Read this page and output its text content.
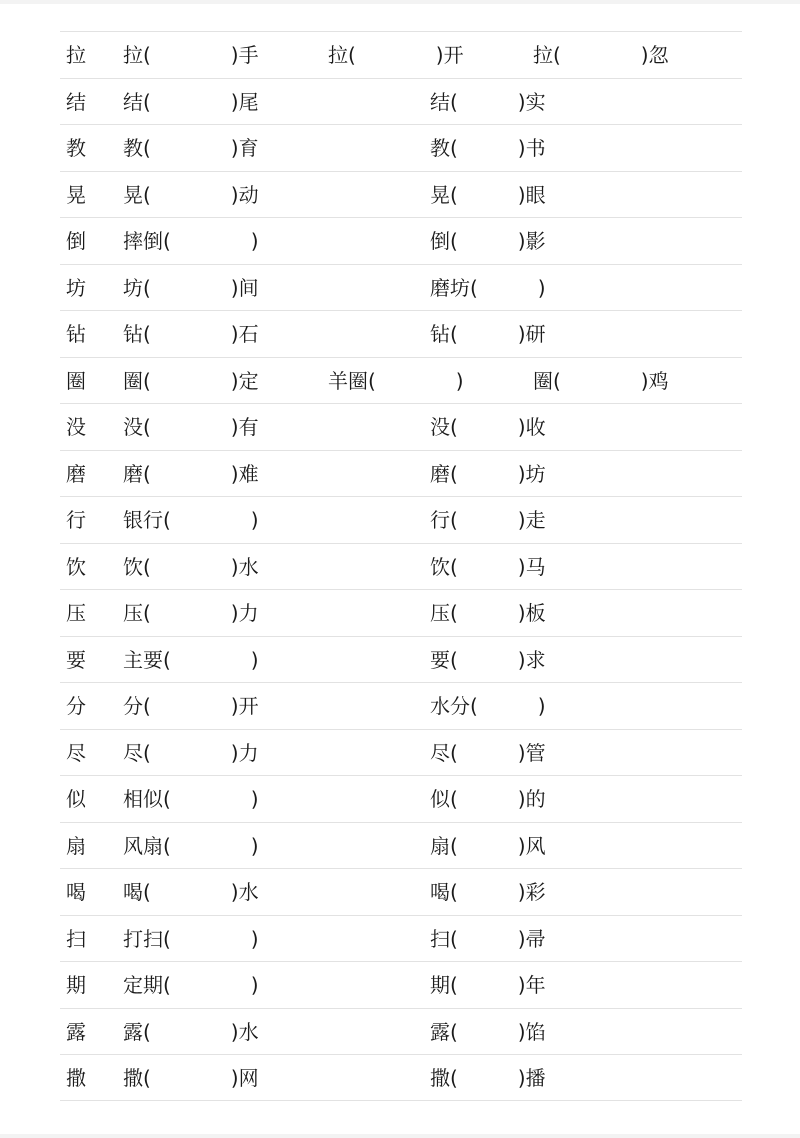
拉 拉(　　　　)手	拉(　　　　)开	拉(　　　　)忽
结 结(　　　　)尾	结(　　　)实
教 教(　　　　)育	教(　　　)书
晃 晃(　　　　)动	晃(　　　)眼
倒 摔倒(　　　　)	倒(　　　)影
坊 坊(　　　　)间	磨坊(　　　)
钻 钻(　　　　)石	钻(　　　)研
圈 圈(　　　　)定	羊圈(　　　　)	圈(　　　　)鸡
没 没(　　　　)有	没(　　　)收
磨 磨(　　　　)难	磨(　　　)坊
行 银行(　　　　)	行(　　　)走
饮 饮(　　　　)水	饮(　　　)马
压 压(　　　　)力	压(　　　)板
要 主要(　　　　)	要(　　　)求
分 分(　　　　)开	水分(　　　)
尽 尽(　　　　)力	尽(　　　)管
似 相似(　　　　)	似(　　　)的
扇 风扇(　　　　)	扇(　　　)风
喝 喝(　　　　)水	喝(　　　)彩
扫 打扫(　　　　)	扫(　　　)帚
期 定期(　　　　)	期(　　　)年
露 露(　　　　)水	露(　　　)馅
撒 撒(　　　　)网	撒(　　　)播
